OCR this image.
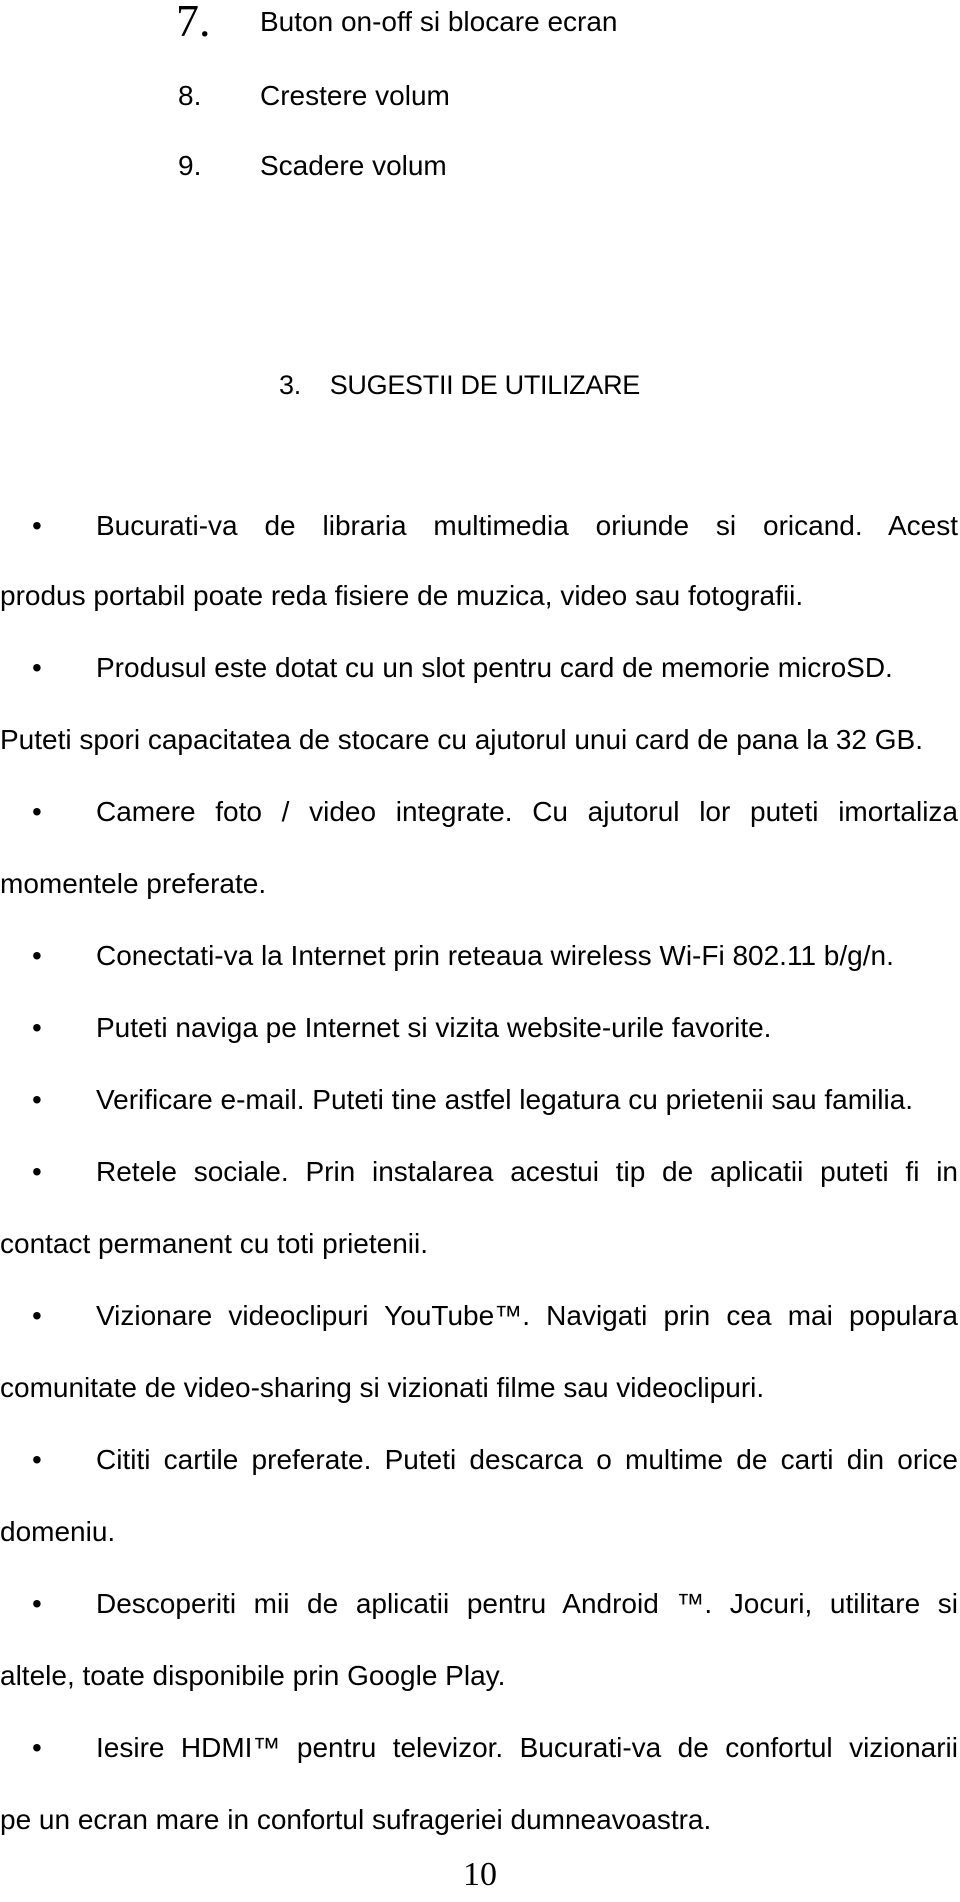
7. Buton on-off si blocare ecran
8. Crestere volum
9. Scadere volum
3.    SUGESTII DE UTILIZARE
• Bucurati-va de libraria multimedia oriunde si oricand. Acest
produs portabil poate reda fisiere de muzica, video sau fotografii.
• Produsul este dotat cu un slot pentru card de memorie microSD.
Puteti spori capacitatea de stocare cu ajutorul unui card de pana la 32 GB.
• Camere foto / video integrate. Cu ajutorul lor puteti imortaliza
momentele preferate.
• Conectati-va la Internet prin reteaua wireless Wi-Fi 802.11 b/g/n.
• Puteti naviga pe Internet si vizita website-urile favorite.
• Verificare e-mail. Puteti tine astfel legatura cu prietenii sau familia.
• Retele sociale. Prin instalarea acestui tip de aplicatii puteti fi in
contact permanent cu toti prietenii.
• Vizionare videoclipuri YouTube™. Navigati prin cea mai populara
comunitate de video-sharing si vizionati filme sau videoclipuri.
• Cititi cartile preferate. Puteti descarca o multime de carti din orice
domeniu.
• Descoperiti mii de aplicatii pentru Android ™. Jocuri, utilitare si
altele, toate disponibile prin Google Play.
• Iesire HDMI™ pentru televizor. Bucurati-va de confortul vizionarii
pe un ecran mare in confortul sufrageriei dumneavoastra.
10
